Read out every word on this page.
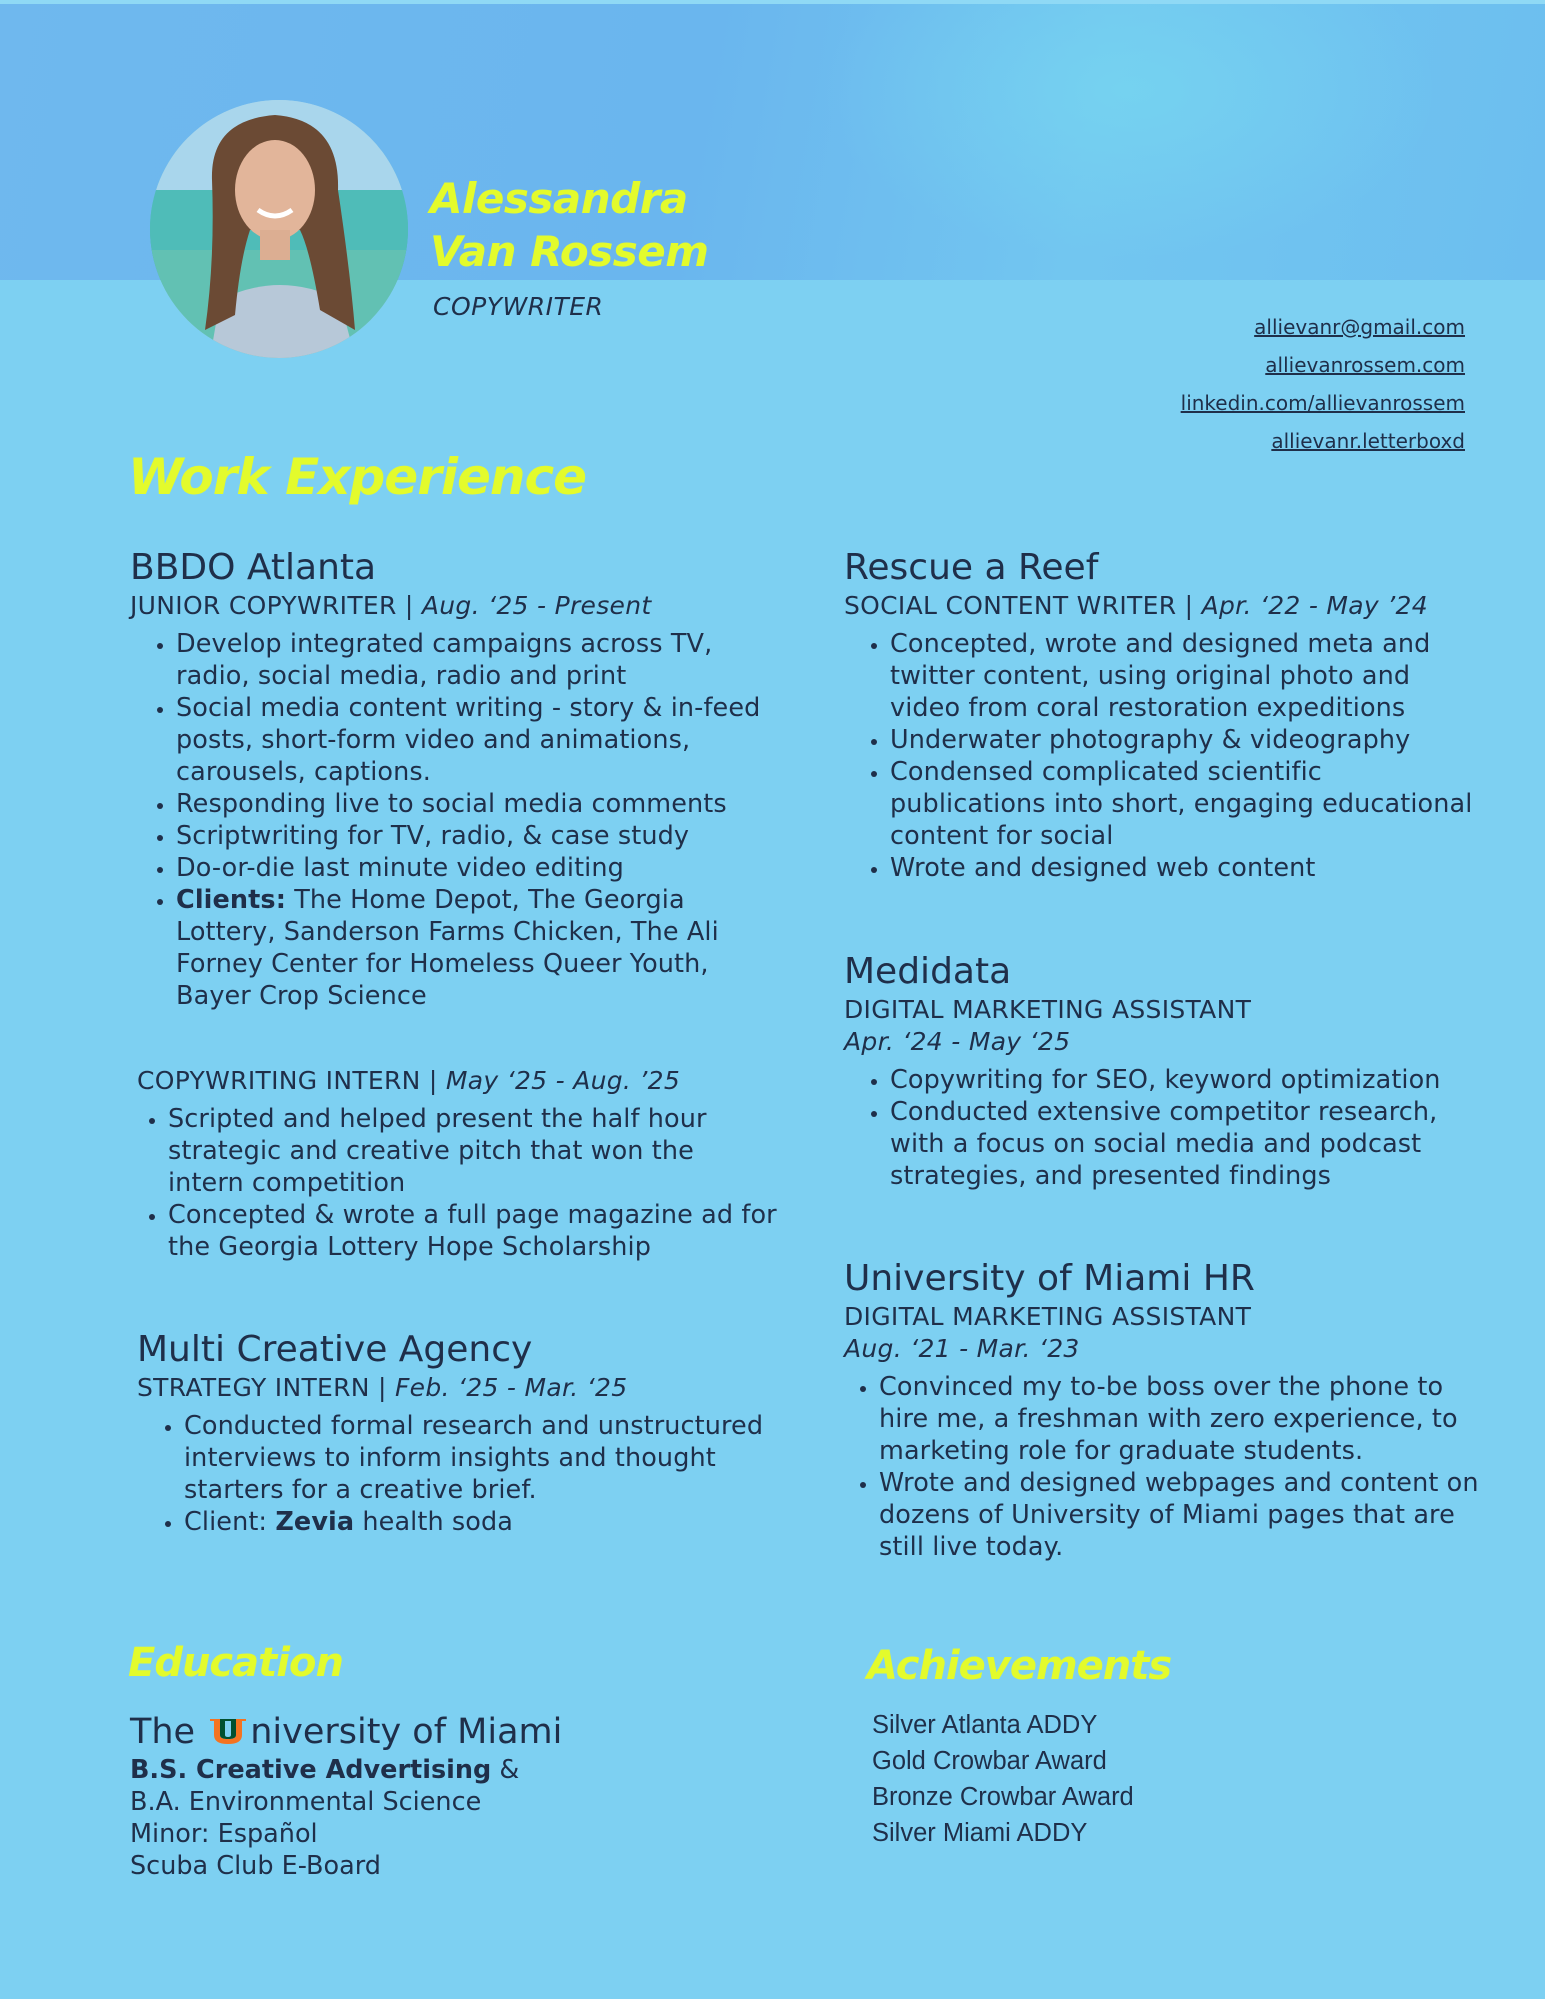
Alessandra
Van Rossem
COPYWRITER
allievanr@gmail.com
allievanrossem.com
linkedin.com/allievanrossem
allievanr.letterboxd
Work Experience

BBDO Atlanta

JUNIOR COPYWRITER | Aug. ‘25 - Present

• Develop integrated campaigns across TV, radio, social media, radio and print
• Social media content writing - story & in-feed posts, short-form video and animations, carousels, captions.
• Responding live to social media comments
• Scriptwriting for TV, radio, & case study
• Do-or-die last minute video editing
• Clients: The Home Depot, The Georgia Lottery, Sanderson Farms Chicken, The Ali Forney Center for Homeless Queer Youth, Bayer Crop Science

COPYWRITING INTERN | May ‘25 - Aug. ’25

• Scripted and helped present the half hour strategic and creative pitch that won the intern competition
• Concepted & wrote a full page magazine ad for the Georgia Lottery Hope Scholarship

Multi Creative Agency

STRATEGY INTERN | Feb. ‘25 - Mar. ‘25

• Conducted formal research and unstructured interviews to inform insights and thought starters for a creative brief.
• Client: Zevia health soda

Rescue a Reef

SOCIAL CONTENT WRITER | Apr. ‘22 - May ’24

• Concepted, wrote and designed meta and twitter content, using original photo and video from coral restoration expeditions
• Underwater photography & videography
• Condensed complicated scientific publications into short, engaging educational content for social
• Wrote and designed web content

Medidata

DIGITAL MARKETING ASSISTANT

Apr. ‘24 - May ‘25

• Copywriting for SEO, keyword optimization
• Conducted extensive competitor research, with a focus on social media and podcast strategies, and presented findings

University of Miami HR

DIGITAL MARKETING ASSISTANT

Aug. ‘21 - Mar. ‘23

• Convinced my to-be boss over the phone to hire me, a freshman with zero experience, to marketing role for graduate students.
• Wrote and designed webpages and content on dozens of University of Miami pages that are still live today.
Education

The niversity of Miami

B.S. Creative Advertising &

B.A. Environmental Science

Minor: Español

Scuba Club E-Board

Achievements

Silver Atlanta ADDY

Gold Crowbar Award

Bronze Crowbar Award

Silver Miami ADDY
